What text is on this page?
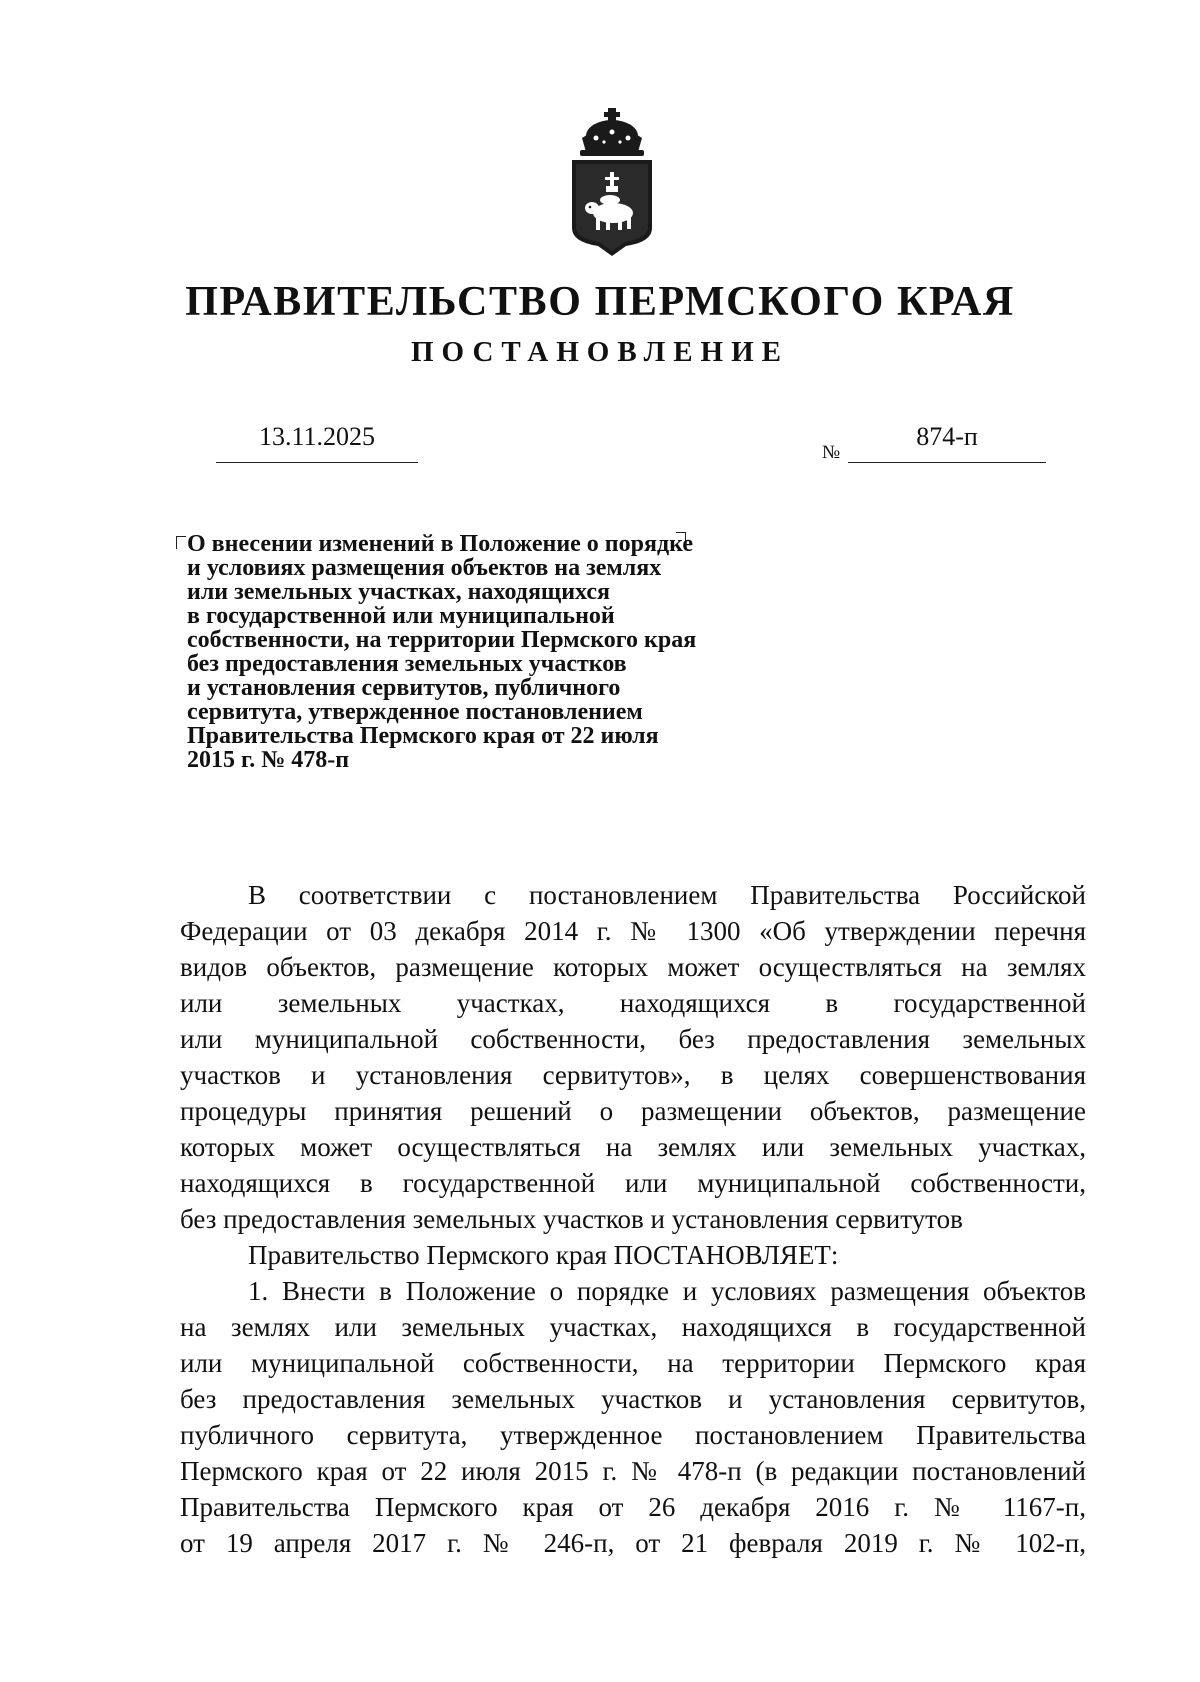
ПРАВИТЕЛЬСТВО ПЕРМСКОГО КРАЯ
ПОСТАНОВЛЕНИЕ
13.11.2025
№
874-п
О внесении изменений в Положение о порядке
и условиях размещения объектов на землях
или земельных участках, находящихся
в государственной или муниципальной
собственности, на территории Пермского края
без предоставления земельных участков
и установления сервитутов, публичного
сервитута, утвержденное постановлением
Правительства Пермского края от 22 июля
2015 г. № 478-п
В соответствии с постановлением Правительства Российской
Федерации от 03 декабря 2014 г. № 1300 «Об утверждении перечня
видов объектов, размещение которых может осуществляться на землях
или земельных участках, находящихся в государственной
или муниципальной собственности, без предоставления земельных
участков и установления сервитутов», в целях совершенствования
процедуры принятия решений о размещении объектов, размещение
которых может осуществляться на землях или земельных участках,
находящихся в государственной или муниципальной собственности,
без предоставления земельных участков и установления сервитутов
Правительство Пермского края ПОСТАНОВЛЯЕТ:
1. Внести в Положение о порядке и условиях размещения объектов
на землях или земельных участках, находящихся в государственной
или муниципальной собственности, на территории Пермского края
без предоставления земельных участков и установления сервитутов,
публичного сервитута, утвержденное постановлением Правительства
Пермского края от 22 июля 2015 г. № 478-п (в редакции постановлений
Правительства Пермского края от 26 декабря 2016 г. № 1167-п,
от 19 апреля 2017 г. № 246-п, от 21 февраля 2019 г. № 102-п,
